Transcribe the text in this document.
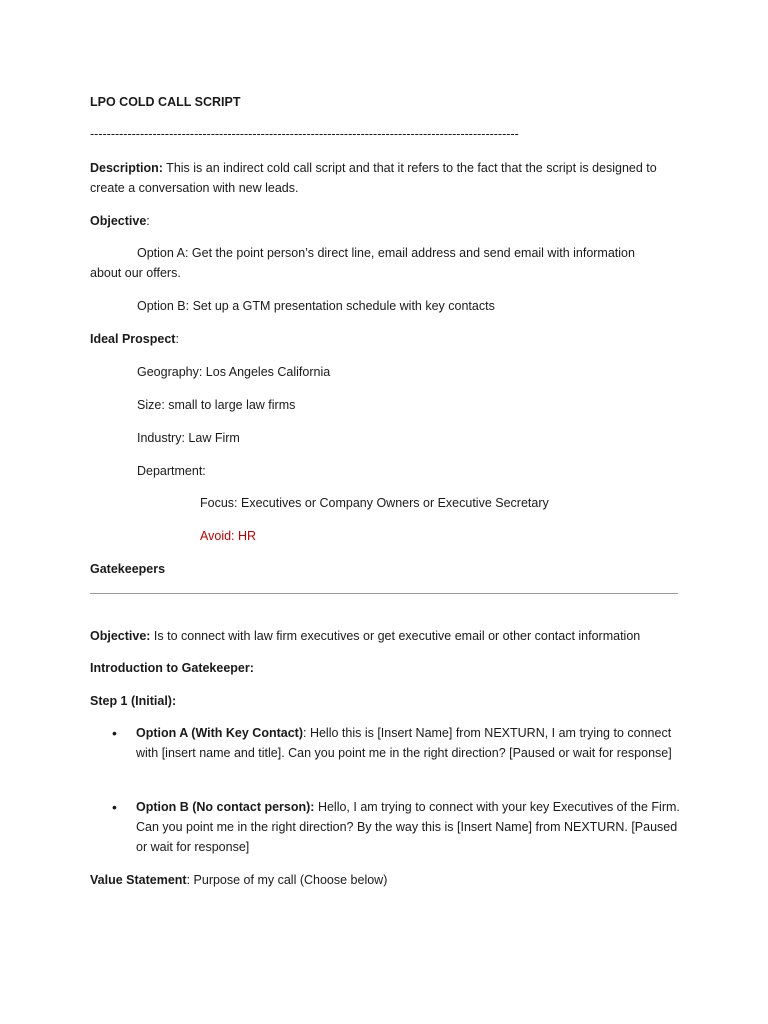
LPO COLD CALL SCRIPT

-------------------------------------------------------------------------------------------------------

Description: This is an indirect cold call script and that it refers to the fact that the script is designed to create a conversation with new leads.

Objective:

Option A: Get the point person’s direct line, email address and send email with information

about our offers.

Option B: Set up a GTM presentation schedule with key contacts

Ideal Prospect:

Geography: Los Angeles California

Size: small to large law firms

Industry: Law Firm

Department:

Focus: Executives or Company Owners or Executive Secretary

Avoid: HR

Gatekeepers

Objective: Is to connect with law firm executives or get executive email or other contact information

Introduction to Gatekeeper:

Step 1 (Initial):

• Option A (With Key Contact): Hello this is [Insert Name] from NEXTURN, I am trying to connect with [insert name and title]. Can you point me in the right direction? [Paused or wait for response]

• Option B (No contact person): Hello, I am trying to connect with your key Executives of the Firm. Can you point me in the right direction? By the way this is [Insert Name] from NEXTURN. [Paused or wait for response]

Value Statement: Purpose of my call (Choose below)
